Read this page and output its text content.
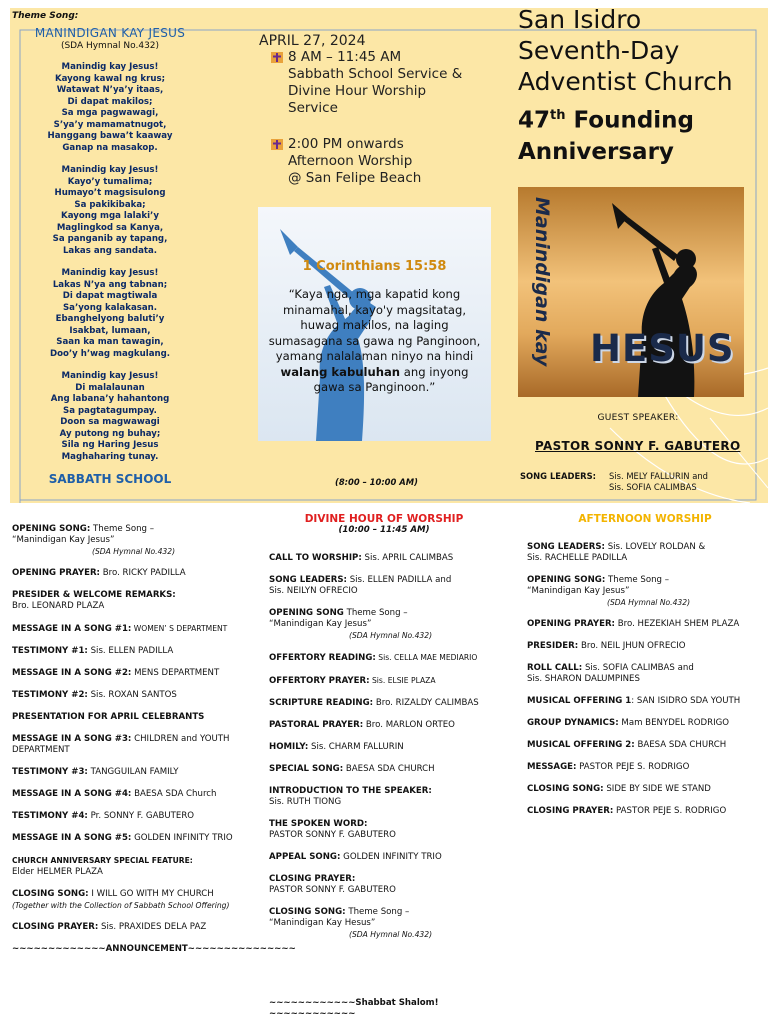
Theme Song:
MANINDIGAN KAY JESUS
(SDA Hymnal No.432)
Manindig kay Jesus!
Kayong kawal ng krus;
Watawat N’ya’y itaas,
Di dapat makilos;
Sa mga pagwawagi,
S’ya’y mamamatnugot,
Hanggang bawa’t kaaway
Ganap na masakop.
Manindig kay Jesus!
Kayo’y tumalima;
Humayo’t magsisulong
Sa pakikibaka;
Kayong mga lalaki’y
Maglingkod sa Kanya,
Sa panganib ay tapang,
Lakas ang sandata.
Manindig kay Jesus!
Lakas N’ya ang tabnan;
Di dapat magtiwala
Sa’yong kalakasan.
Ebanghelyong baluti’y
Isakbat, lumaan,
Saan ka man tawagin,
Doo’y h’wag magkulang.
Manindig kay Jesus!
Di malalaunan
Ang labana’y hahantong
Sa pagtatagumpay.
Doon sa magwawagi
Ay putong ng buhay;
Sila ng Haring Jesus
Maghaharing tunay.
SABBATH SCHOOL
APRIL 27, 2024
8 AM – 11:45 AM
Sabbath School Service &
Divine Hour Worship
Service
2:00 PM onwards
Afternoon Worship
@ San Felipe Beach
1 Corinthians 15:58
“Kaya nga, mga kapatid kong minamahal, kayo'y magsitatag, huwag makilos, na laging sumasagana sa gawa ng Panginoon, yamang nalalaman ninyo na hindi walang kabuluhan ang inyong gawa sa Panginoon.”
San Isidro Seventh-Day Adventist Church
47th Founding Anniversary
Manindigan kay HESUS
GUEST SPEAKER:
PASTOR SONNY F. GABUTERO
SONG LEADERS: Sis. MELY FALLURIN and
Sis. SOFIA CALIMBAS
(8:00 – 10:00 AM)
OPENING SONG: Theme Song –
“Manindigan Kay Jesus”
(SDA Hymnal No.432)
OPENING PRAYER: Bro. RICKY PADILLA
PRESIDER & WELCOME REMARKS:
Bro. LEONARD PLAZA
MESSAGE IN A SONG #1: WOMEN’ S DEPARTMENT
TESTIMONY #1: Sis. ELLEN PADILLA
MESSAGE IN A SONG #2: MENS DEPARTMENT
TESTIMONY #2: Sis. ROXAN SANTOS
PRESENTATION FOR APRIL CELEBRANTS
MESSAGE IN A SONG #3: CHILDREN and YOUTH
DEPARTMENT
TESTIMONY #3: TANGGUILAN FAMILY
MESSAGE IN A SONG #4: BAESA SDA Church
TESTIMONY #4: Pr. SONNY F. GABUTERO
MESSAGE IN A SONG #5: GOLDEN INFINITY TRIO
CHURCH ANNIVERSARY SPECIAL FEATURE:
Elder HELMER PLAZA
CLOSING SONG: I WILL GO WITH MY CHURCH
(Together with the Collection of Sabbath School Offering)
CLOSING PRAYER: Sis. PRAXIDES DELA PAZ
~~~~~~~~~~~~~ANNOUNCEMENT~~~~~~~~~~~~~~~
DIVINE HOUR OF WORSHIP
(10:00 – 11:45 AM)
CALL TO WORSHIP: Sis. APRIL CALIMBAS
SONG LEADERS: Sis. ELLEN PADILLA and
Sis. NEILYN OFRECIO
OPENING SONG Theme Song –
“Manindigan Kay Jesus”
(SDA Hymnal No.432)
OFFERTORY READING: Sis. CELLA MAE MEDIARIO
OFFERTORY PRAYER: Sis. ELSIE PLAZA
SCRIPTURE READING: Bro. RIZALDY CALIMBAS
PASTORAL PRAYER: Bro. MARLON ORTEO
HOMILY: Sis. CHARM FALLURIN
SPECIAL SONG: BAESA SDA CHURCH
INTRODUCTION TO THE SPEAKER:
Sis. RUTH TIONG
THE SPOKEN WORD:
PASTOR SONNY F. GABUTERO
APPEAL SONG: GOLDEN INFINITY TRIO
CLOSING PRAYER:
PASTOR SONNY F. GABUTERO
CLOSING SONG: Theme Song –
“Manindigan Kay Hesus”
(SDA Hymnal No.432)
~~~~~~~~~~~~Shabbat Shalom!
~~~~~~~~~~~~
AFTERNOON WORSHIP
SONG LEADERS: Sis. LOVELY ROLDAN &
Sis. RACHELLE PADILLA
OPENING SONG: Theme Song –
“Manindigan Kay Jesus”
(SDA Hymnal No.432)
OPENING PRAYER: Bro. HEZEKIAH SHEM PLAZA
PRESIDER: Bro. NEIL JHUN OFRECIO
ROLL CALL: Sis. SOFIA CALIMBAS and
Sis. SHARON DALUMPINES
MUSICAL OFFERING 1: SAN ISIDRO SDA YOUTH
GROUP DYNAMICS: Mam BENYDEL RODRIGO
MUSICAL OFFERING 2: BAESA SDA CHURCH
MESSAGE: PASTOR PEJE S. RODRIGO
CLOSING SONG: SIDE BY SIDE WE STAND
CLOSING PRAYER: PASTOR PEJE S. RODRIGO
